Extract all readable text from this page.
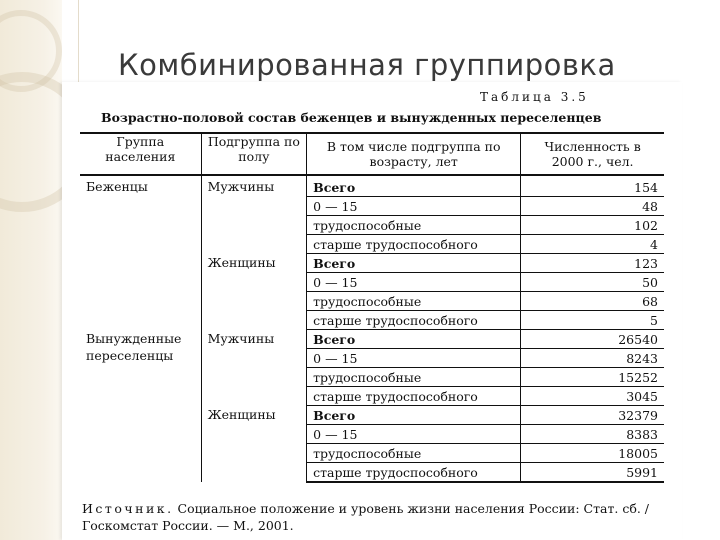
Комбинированная группировка
Таблица 3.5
Возрастно-половой состав беженцев и вынужденных переселенцев
Группа населения	Подгруппа по полу	В том числе подгруппа по возрасту, лет	Численность в 2000 г., чел.
Беженцы	Мужчины	Всего	154
		0 — 15	48
		трудоспособные	102
		старше трудоспособного	4
	Женщины	Всего	123
		0 — 15	50
		трудоспособные	68
		старше трудоспособного	5
Вынужденные переселенцы	Мужчины	Всего	26540
		0 — 15	8243
		трудоспособные	15252
		старше трудоспособного	3045
	Женщины	Всего	32379
		0 — 15	8383
		трудоспособные	18005
		старше трудоспособного	5991
Источник. Социальное положение и уровень жизни населения России: Стат. сб. / Госкомстат России. — М., 2001.
